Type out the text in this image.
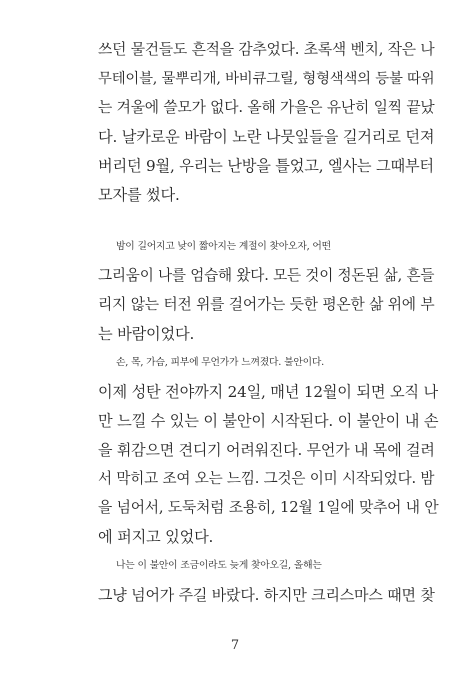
쓰던 물건들도 흔적을 감추었다. 초록색 벤치, 작은 나
무테이블, 물뿌리개, 바비큐그릴, 형형색색의 등불 따위
는 겨울에 쓸모가 없다. 올해 가을은 유난히 일찍 끝났
다. 날카로운 바람이 노란 나뭇잎들을 길거리로 던져
버리던 9월, 우리는 난방을 틀었고, 엘사는 그때부터
모자를 썼다.
밤이 길어지고 낮이 짧아지는 계절이 찾아오자, 어떤
그리움이 나를 엄습해 왔다. 모든 것이 정돈된 삶, 흔들
리지 않는 터전 위를 걸어가는 듯한 평온한 삶 위에 부
는 바람이었다.
손, 목, 가슴, 피부에 무언가가 느껴졌다. 불안이다.
이제 성탄 전야까지 24일, 매년 12월이 되면 오직 나
만 느낄 수 있는 이 불안이 시작된다. 이 불안이 내 손
을 휘감으면 견디기 어려워진다. 무언가 내 목에 걸려
서 막히고 조여 오는 느낌. 그것은 이미 시작되었다. 밤
을 넘어서, 도둑처럼 조용히, 12월 1일에 맞추어 내 안
에 퍼지고 있었다.
나는 이 불안이 조금이라도 늦게 찾아오길, 올해는
그냥 넘어가 주길 바랐다. 하지만 크리스마스 때면 찾
7
